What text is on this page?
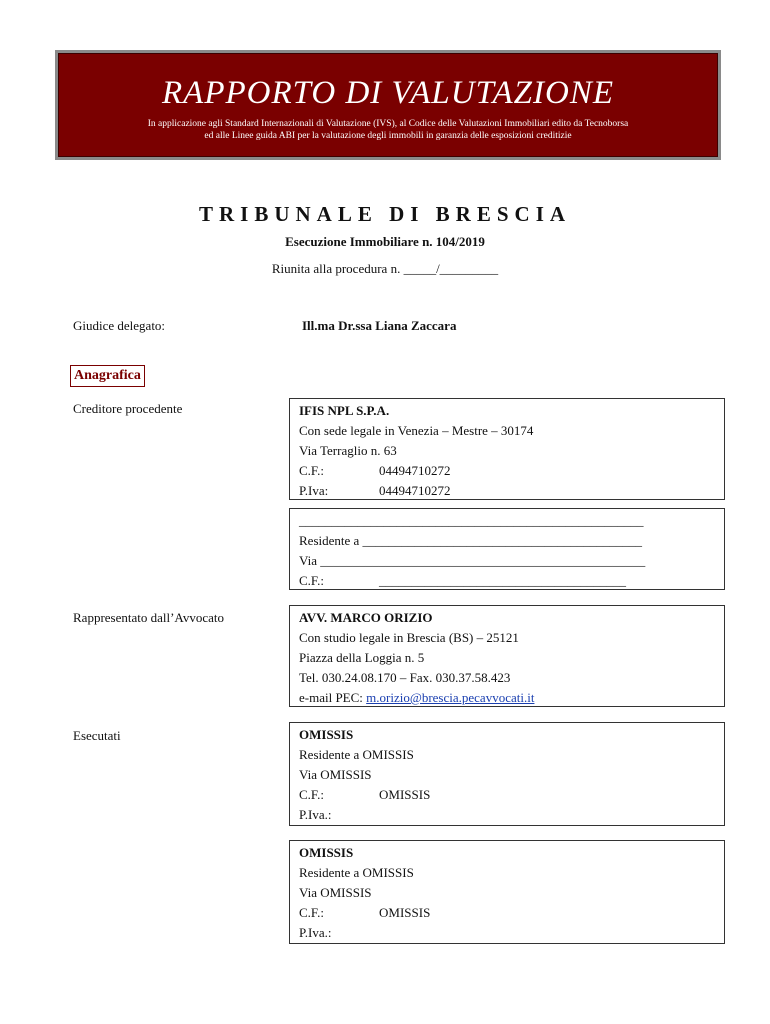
RAPPORTO DI VALUTAZIONE
In applicazione agli Standard Internazionali di Valutazione (IVS), al Codice delle Valutazioni Immobiliari edito da Tecnoborsa
ed alle Linee guida ABI per la valutazione degli immobili in garanzia delle esposizioni creditizie
TRIBUNALE DI BRESCIA
Esecuzione Immobiliare n. 104/2019
Riunita alla procedura n. _____/_________
Giudice delegato:	Ill.ma Dr.ssa Liana Zaccara
Anagrafica
Creditore procedente	IFIS NPL S.P.A.
Con sede legale in Venezia – Mestre – 30174
Via Terraglio n. 63
C.F.:	04494710272
P.Iva:	04494710272
_____________________________________________________
Residente a ___________________________________________
Via __________________________________________________
C.F.:	______________________________________
Rappresentato dall’Avvocato	AVV. MARCO ORIZIO
Con studio legale in Brescia (BS) – 25121
Piazza della Loggia n. 5
Tel. 030.24.08.170 – Fax. 030.37.58.423
e-mail PEC: m.orizio@brescia.pecavvocati.it
Esecutati	OMISSIS
Residente a OMISSIS
Via OMISSIS
C.F.:	OMISSIS
P.Iva.:
OMISSIS
Residente a OMISSIS
Via OMISSIS
C.F.:	OMISSIS
P.Iva.:
